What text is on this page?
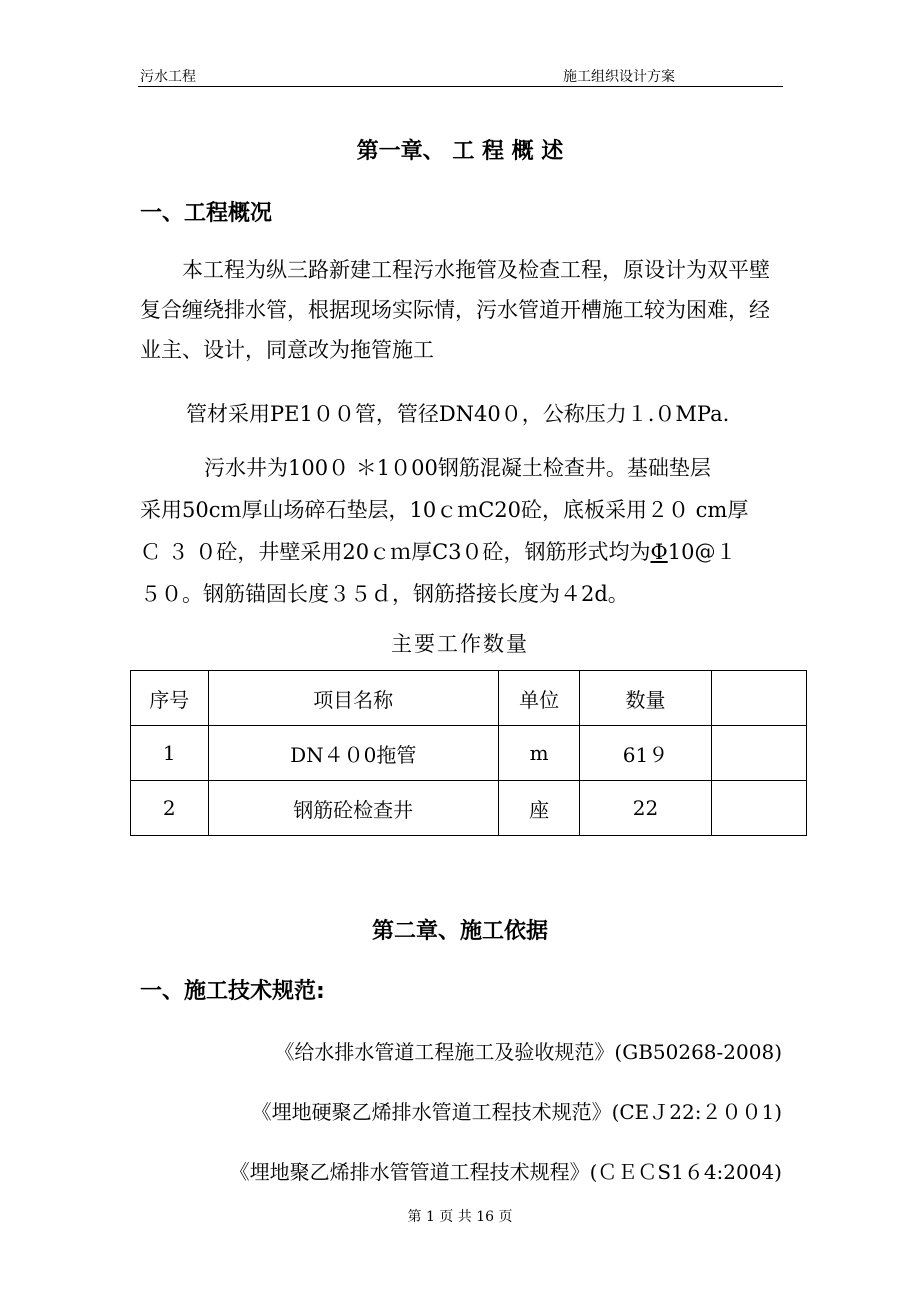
污水工程	施工组织设计方案
第一章、 工 程 概 述
一、工程概况
本工程为纵三路新建工程污水拖管及检查工程，原设计为双平壁复合缠绕排水管，根据现场实际情，污水管道开槽施工较为困难，经业主、设计，同意改为拖管施工
管材采用PE1００管，管径DN40０，公称压力１.０MPa.
污水井为100０ ＊1０00钢筋混凝土检查井。基础垫层
采用50cｍ厚山场碎石垫层，10ｃｍC20砼，底板采用２０ cm厚
Ｃ ３ ０砼，井壁采用20ｃｍ厚C3０砼，钢筋形式均为Φ10@１
５０。钢筋锚固长度３５ｄ，钢筋搭接长度为４2d。
主要工作数量
序号	项目名称	单位	数量	
1	DN４０0拖管	m	61９	
2	钢筋砼检查井	座	22	
第二章、施工依据
一、施工技术规范:
《给水排水管道工程施工及验收规范》(GB50268-2008)
《埋地硬聚乙烯排水管道工程技术规范》(CEＪ22:２００1)
《埋地聚乙烯排水管管道工程技术规程》(ＣＥＣS1６4:2004)
第 1 页 共 16 页
